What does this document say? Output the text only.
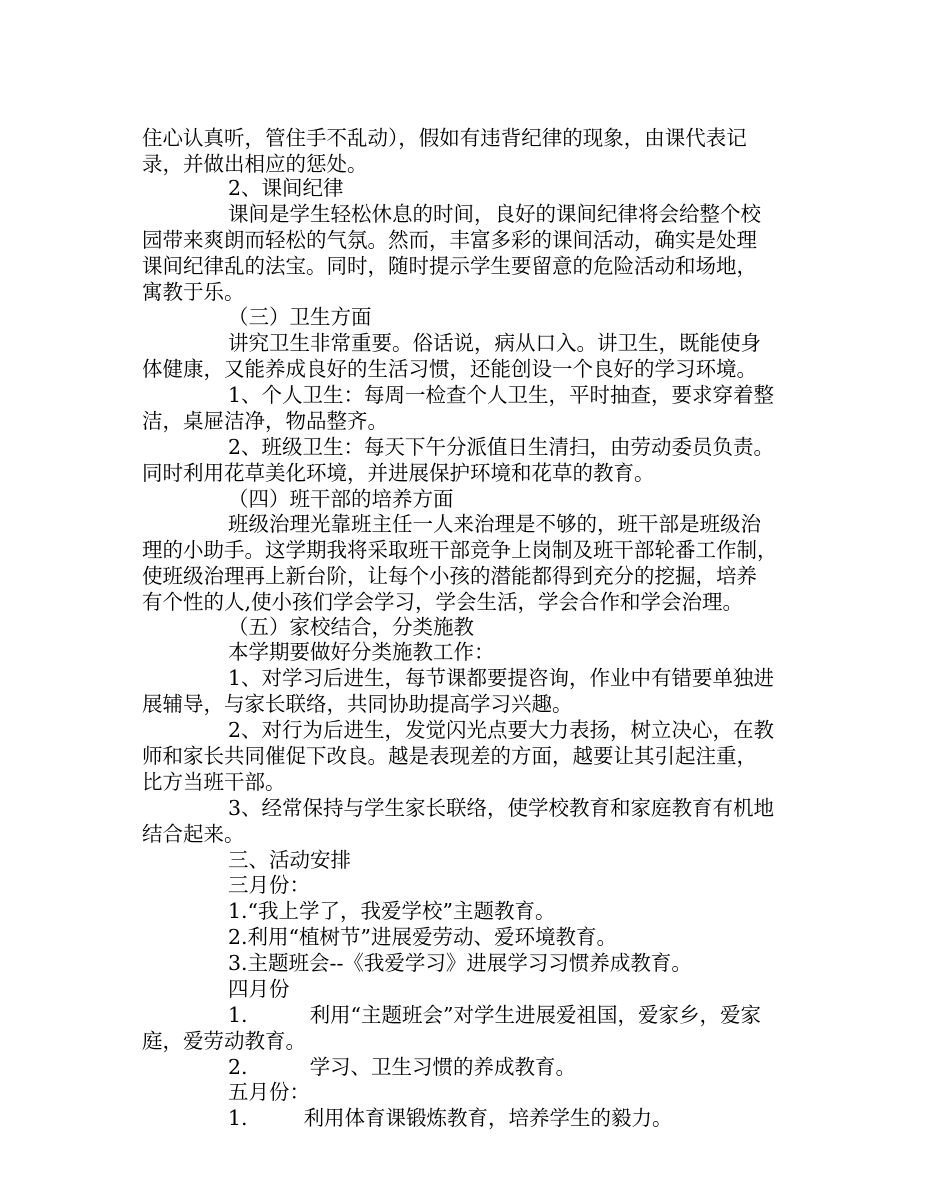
住心认真听，管住手不乱动），假如有违背纪律的现象，由课代表记
录，并做出相应的惩处。
2、课间纪律
课间是学生轻松休息的时间，良好的课间纪律将会给整个校
园带来爽朗而轻松的气氛。然而，丰富多彩的课间活动，确实是处理
课间纪律乱的法宝。同时，随时提示学生要留意的危险活动和场地，
寓教于乐。
（三）卫生方面
讲究卫生非常重要。俗话说，病从口入。讲卫生，既能使身
体健康，又能养成良好的生活习惯，还能创设一个良好的学习环境。
1、个人卫生：每周一检查个人卫生，平时抽查，要求穿着整
洁，桌屉洁净，物品整齐。
2、班级卫生：每天下午分派值日生清扫，由劳动委员负责。
同时利用花草美化环境，并进展保护环境和花草的教育。
（四）班干部的培养方面
班级治理光靠班主任一人来治理是不够的，班干部是班级治
理的小助手。这学期我将采取班干部竞争上岗制及班干部轮番工作制，
使班级治理再上新台阶，让每个小孩的潜能都得到充分的挖掘，培养
有个性的人,使小孩们学会学习，学会生活，学会合作和学会治理。
（五）家校结合，分类施教
本学期要做好分类施教工作：
1、对学习后进生，每节课都要提咨询，作业中有错要单独进
展辅导，与家长联络，共同协助提高学习兴趣。
2、对行为后进生，发觉闪光点要大力表扬，树立决心，在教
师和家长共同催促下改良。越是表现差的方面，越要让其引起注重，
比方当班干部。
3、经常保持与学生家长联络，使学校教育和家庭教育有机地
结合起来。
三、活动安排
三月份：
1.“我上学了，我爱学校”主题教育。
2.利用“植树节”进展爱劳动、爱环境教育。
3.主题班会--《我爱学习》进展学习习惯养成教育。
四月份
1.	利用“主题班会”对学生进展爱祖国，爱家乡，爱家
庭，爱劳动教育。
2.	学习、卫生习惯的养成教育。
五月份：
1.	利用体育课锻炼教育，培养学生的毅力。
